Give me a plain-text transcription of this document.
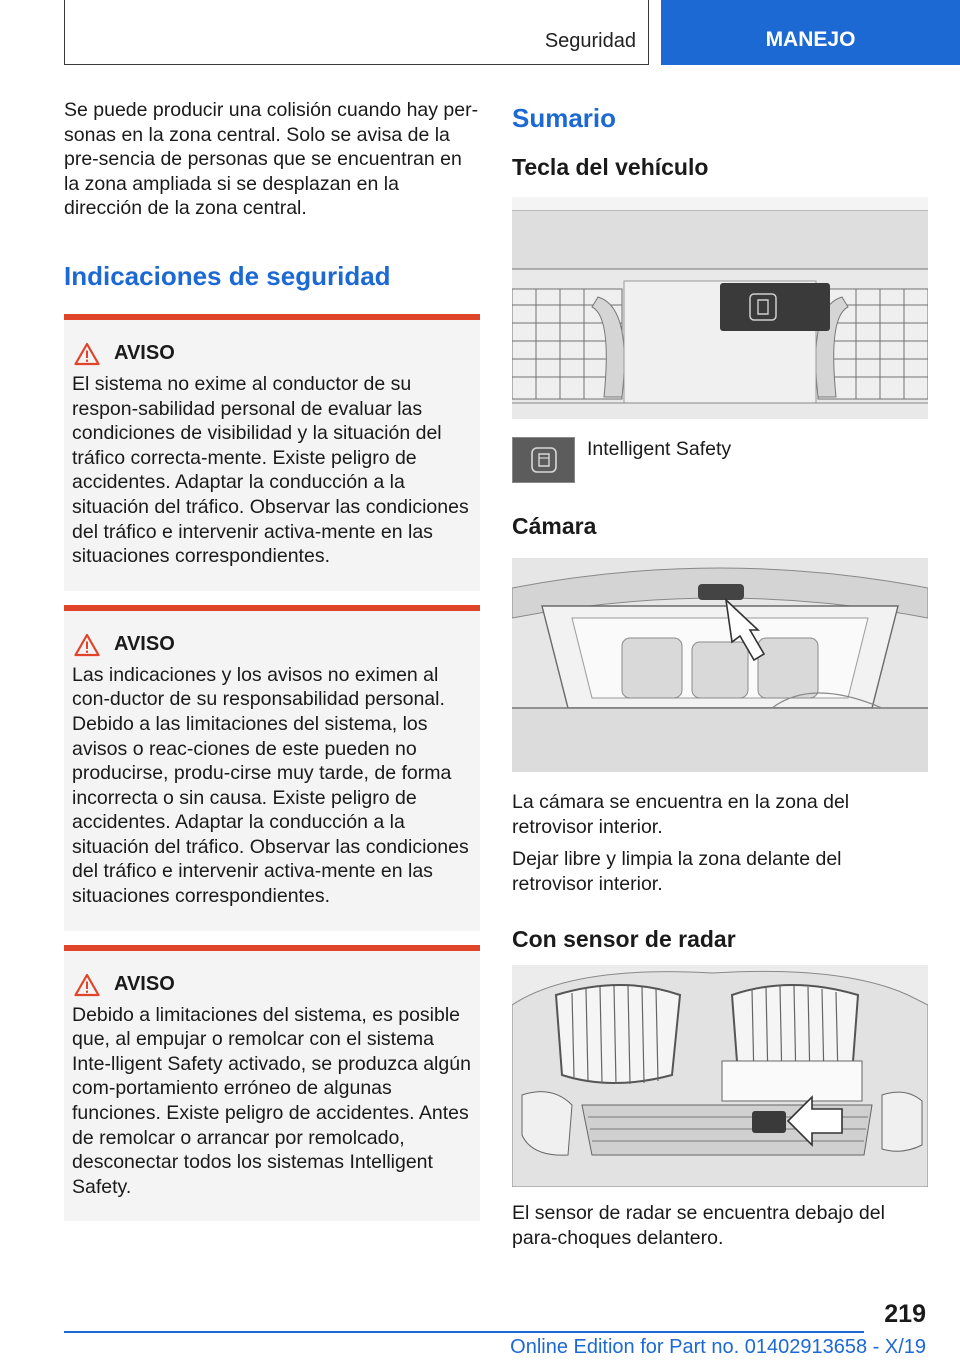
Seguridad	MANEJO

Se puede producir una colisión cuando hay per-sonas en la zona central. Solo se avisa de la pre-sencia de personas que se encuentran en la zona ampliada si se desplazan en la dirección de la zona central.

Indicaciones de seguridad
AVISO

El sistema no exime al conductor de su respon-sabilidad personal de evaluar las condiciones de visibilidad y la situación del tráfico correcta-mente. Existe peligro de accidentes. Adaptar la conducción a la situación del tráfico. Observar las condiciones del tráfico e intervenir activa-mente en las situaciones correspondientes.

AVISO

Las indicaciones y los avisos no eximen al con-ductor de su responsabilidad personal. Debido a las limitaciones del sistema, los avisos o reac-ciones de este pueden no producirse, produ-cirse muy tarde, de forma incorrecta o sin causa. Existe peligro de accidentes. Adaptar la conducción a la situación del tráfico. Observar las condiciones del tráfico e intervenir activa-mente en las situaciones correspondientes.

AVISO

Debido a limitaciones del sistema, es posible que, al empujar o remolcar con el sistema Inte-lligent Safety activado, se produzca algún com-portamiento erróneo de algunas funciones. Existe peligro de accidentes. Antes de remolcar o arrancar por remolcado, desconectar todos los sistemas Intelligent Safety.

Sumario
Tecla del vehículo
Intelligent Safety
Cámara

La cámara se encuentra en la zona del retrovisor interior.

Dejar libre y limpia la zona delante del retrovisor interior.

Con sensor de radar

El sensor de radar se encuentra debajo del para-choques delantero.

219
Online Edition for Part no. 01402913658 - X/19
